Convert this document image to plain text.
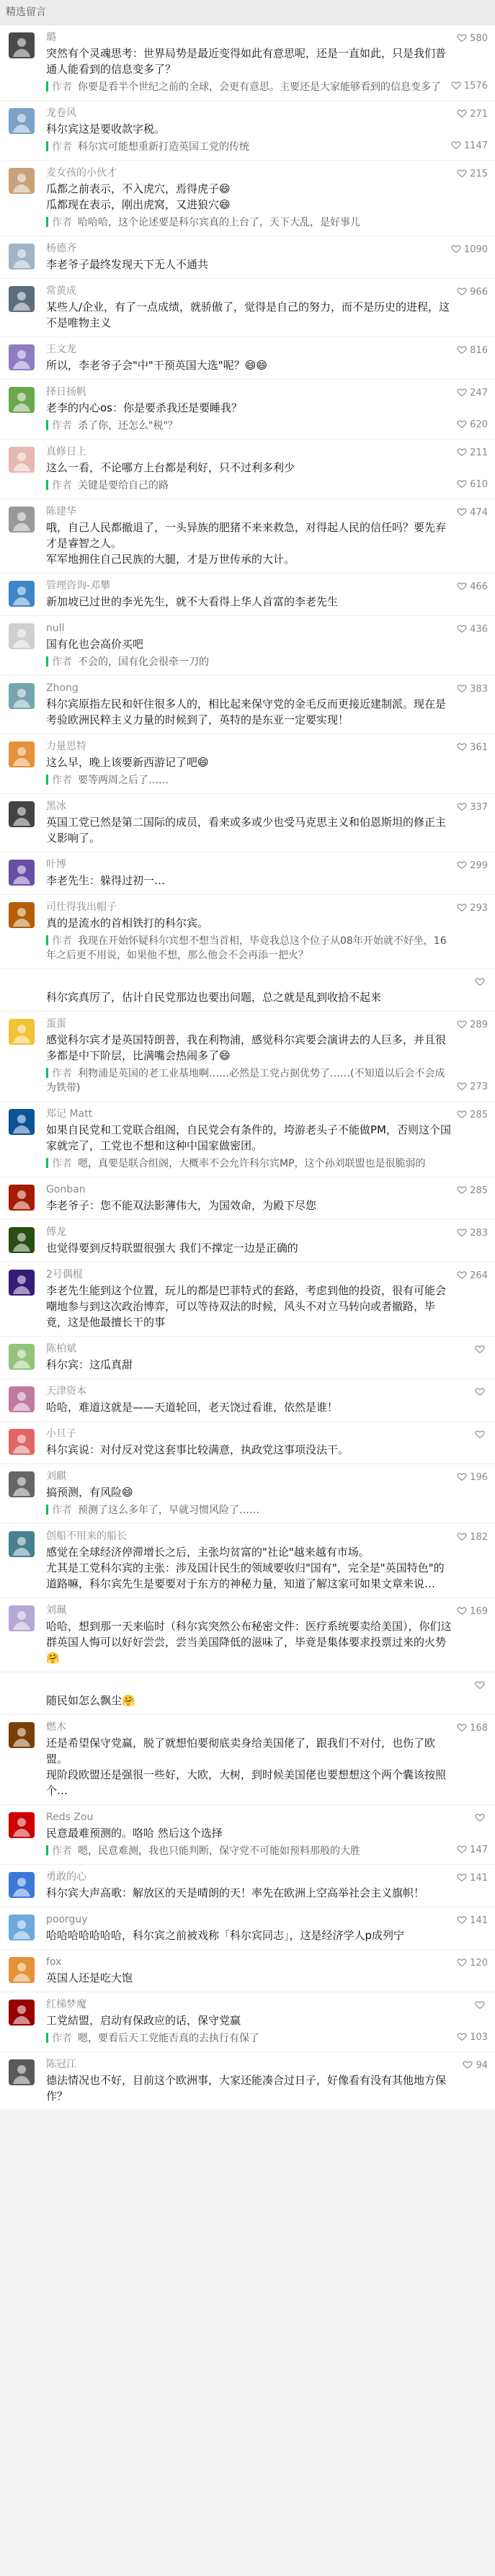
精选留言
璐	580
突然有个灵魂思考：世界局势是最近变得如此有意思呢，还是一直如此，只是我们普通人能看到的信息变多了？
作者 你要是看半个世纪之前的全球，会更有意思。主要还是大家能够看到的信息变多了	1576
龙卷风	271
科尔宾这是要收款字税。
作者 科尔宾可能想重新打造英国工党的传统	1147
麦女孩的小伙才	215
瓜都之前表示，不入虎穴，焉得虎子😄
瓜都现在表示，刚出虎窝，又进狼穴😄
作者 哈哈哈，这个论述要是科尔宾真的上台了，天下大乱，是好事儿
杨德齐	1090
李老爷子最终发现天下无人不通共
常黄成	966
某些人/企业，有了一点成绩，就骄傲了，觉得是自己的努力，而不是历史的进程，这不是唯物主义
王文龙	816
所以，李老爷子会"中"干预英国大选"呢？😄😄
择日扬帆	247
老李的内心os：你是要杀我还是要睡我？
作者 杀了你，还怎么"税"？	620
真修日上	211
这么一看，不论哪方上台都是利好，只不过利多利少
作者 关键是要给自己的路	610
陈建华	474
哦，自己人民都撤退了，一头异族的肥猪不来来救急，对得起人民的信任吗？要先弃才是睿智之人。
军军地拥住自己民族的大腿，才是万世传承的大计。
管理咨询-邓攀	466
新加坡已过世的李光先生，就不大看得上华人首富的李老先生
null	436
国有化也会高价买吧
作者 不会的，国有化会很牵一刀的
Zhong	383
科尔宾原指左民和奸住很多人的，相比起来保守党的金毛反而更接近建制派。现在是考验欧洲民粹主义力量的时候到了，英特的是东亚一定要实现！
力量思特	361
这么早，晚上该要新西游记了吧😄
作者 要等两周之后了……
黑冰	337
英国工党已然是第二国际的成员，看来或多或少也受马克思主义和伯恩斯坦的修正主义影响了。
叶博	299
李老先生：躲得过初一…
司仕得我出帽子	293
真的是流水的首相铁打的科尔宾。
作者 我现在开始怀疑科尔宾想不想当首相，毕竟我总这个位子从08年开始就不好坐，16年之后更不用说，如果他不想，那么他会不会再添一把火？
科尔宾真厉了，估计自民党那边也要出问题，总之就是乱到收拾不起来
蛋蛋	289
感觉科尔宾才是英国特朗普，我在利物浦，感觉科尔宾要会演讲去的人巨多，并且很多都是中下阶层，比满嘴会热闹多了😄
作者 利物浦是英国的老工业基地啊……必然是工党占据优势了……(不知道以后会不会成为铁带)	273
郑记 Matt	285
如果自民党和工党联合组阁，自民党会有条件的，垮游老头子不能做PM，否则这个国家就完了，工党也不想和这种中国家做密团。
作者 嗯，真要是联合组阁，大概率不会允许科尔宾MP，这个孙刘联盟也是很脆弱的
Gonban	285
李老爷子：您不能双法影薄伟大，为国效命，为殿下尽您
傅龙	283
也觉得要到反特联盟很强大 我们不撑定一边是正确的
2号偶棍	264
李老先生能到这个位置，玩儿的都是巴菲特式的套路，考虑到他的投资，很有可能会嘲地参与到这次政治博弈，可以等待双法的时候，风头不对立马转向或者撤路，毕竟，这是他最擅长干的事
陈柏斌
科尔宾：这瓜真甜
天津资本
哈哈，难道这就是——天道轮回，老天饶过看谁，依然是谁！
小旦子
科尔宾说：对付反对党这套事比较满意，执政党这事项没法干。
刘麒	196
搞预测，有风险😄
作者 预测了这么多年了，早就习惯风险了……
创船不用来的船长	182
感觉在全球经济停滞增长之后，主张均贫富的"社论"越来越有市场。
尤其是工党科尔宾的主张：涉及国计民生的领域要收归"国有"，完全是"英国特色"的道路嘛，科尔宾先生是要要对于东方的神秘力量，知道了解这家可如果文章来说…
刘珮	169
哈哈，想到那一天来临时（科尔宾突然公布秘密文件：医疗系统要卖给美国），你们这群英国人悔可以好好尝尝，尝当美国降低的滋味了，毕竟是集体要求投票过来的火势🤗
随民如怎么飘尘🤗
燃木	168
还是希望保守党赢，脱了就想怕要彻底卖身给美国佬了，跟我们不对付，也伤了欧盟。
现阶段欧盟还是强很一些好，大欧，大树，到时候美国佬也要想想这个两个囊该按照个…
Reds Zou
民意最难预测的。咯哈 然后这个选择
作者 嗯，民意难测，我也只能判断，保守党不可能如预料那般的大胜	147
勇敢的心	141
科尔宾大声高歌：解放区的天是晴朗的天！率先在欧洲上空高举社会主义旗帜！
poorguy	141
哈哈哈哈哈哈哈，科尔宾之前被戏称「科尔宾同志」，这是经济学人p成列宁
fox	120
英国人还是吃大饱
红梯梦魔
工党結盟，启动有保政应的话，保守党赢
作者 嗯，要看后天工党能否真的去执行有保了	103
陈冠江	94
德法情况也不好，目前这个欧洲事，大家还能凑合过日子，好像看有没有其他地方保作？
